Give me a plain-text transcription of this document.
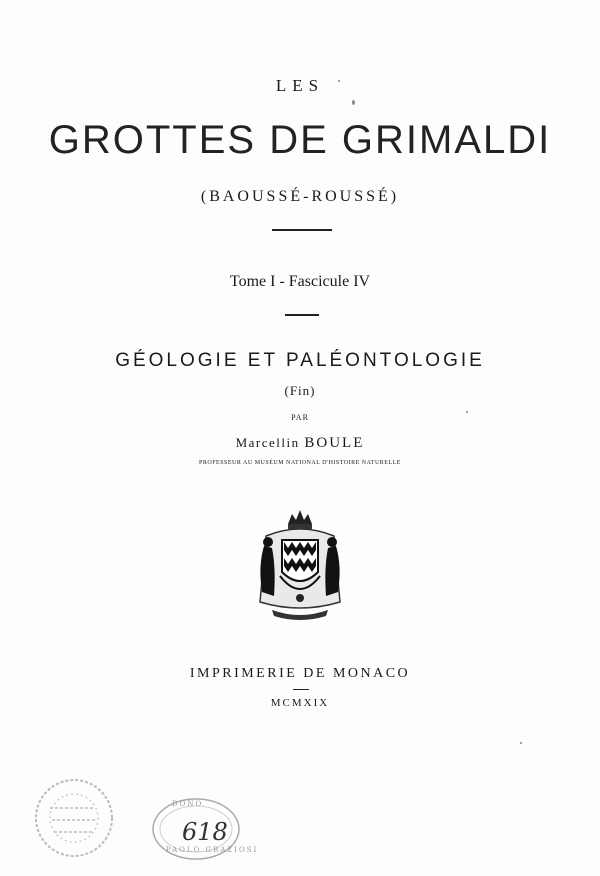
LES
GROTTES DE GRIMALDI
(BAOUSSÉ-ROUSSÉ)
Tome I - Fascicule IV
GÉOLOGIE ET PALÉONTOLOGIE
(Fin)
PAR
Marcellin BOULE
PROFESSEUR AU MUSÉUM NATIONAL D'HISTOIRE NATURELLE
IMPRIMERIE DE MONACO
MCMXIX
DONO
618
PAOLO GRAZIOSI
